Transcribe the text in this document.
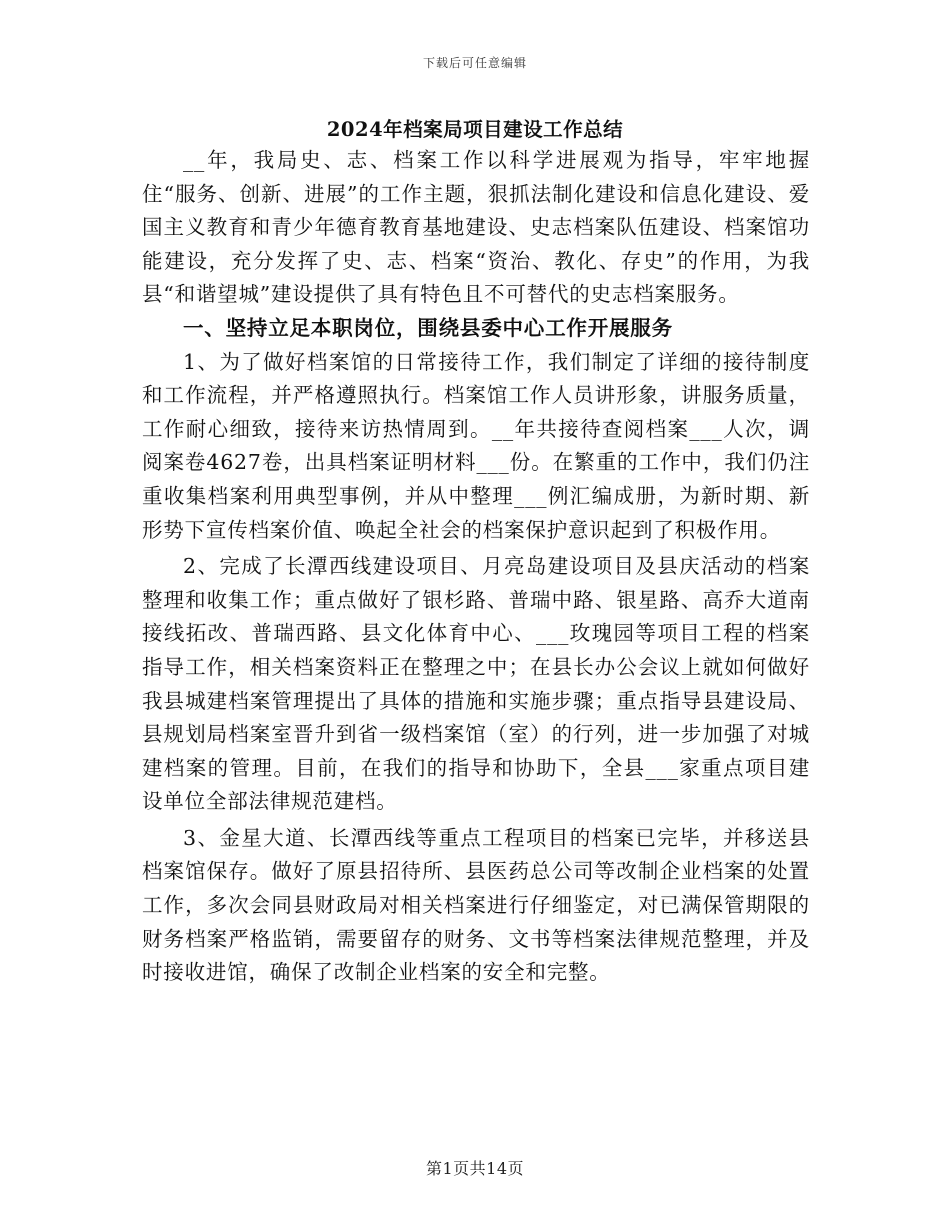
下载后可任意编辑
2024年档案局项目建设工作总结

__年，我局史、志、档案工作以科学进展观为指导，牢牢地握住“服务、创新、进展”的工作主题，狠抓法制化建设和信息化建设、爱国主义教育和青少年德育教育基地建设、史志档案队伍建设、档案馆功能建设，充分发挥了史、志、档案“资治、教化、存史”的作用，为我县“和谐望城”建设提供了具有特色且不可替代的史志档案服务。

一、坚持立足本职岗位，围绕县委中心工作开展服务

1、为了做好档案馆的日常接待工作，我们制定了详细的接待制度和工作流程，并严格遵照执行。档案馆工作人员讲形象，讲服务质量，工作耐心细致，接待来访热情周到。__年共接待查阅档案___人次，调阅案卷4627卷，出具档案证明材料___份。在繁重的工作中，我们仍注重收集档案利用典型事例，并从中整理___例汇编成册，为新时期、新形势下宣传档案价值、唤起全社会的档案保护意识起到了积极作用。

2、完成了长潭西线建设项目、月亮岛建设项目及县庆活动的档案整理和收集工作；重点做好了银杉路、普瑞中路、银星路、高乔大道南接线拓改、普瑞西路、县文化体育中心、___玫瑰园等项目工程的档案指导工作，相关档案资料正在整理之中；在县长办公会议上就如何做好我县城建档案管理提出了具体的措施和实施步骤；重点指导县建设局、县规划局档案室晋升到省一级档案馆（室）的行列，进一步加强了对城建档案的管理。目前，在我们的指导和协助下，全县___家重点项目建设单位全部法律规范建档。

3、金星大道、长潭西线等重点工程项目的档案已完毕，并移送县档案馆保存。做好了原县招待所、县医药总公司等改制企业档案的处置工作，多次会同县财政局对相关档案进行仔细鉴定，对已满保管期限的财务档案严格监销，需要留存的财务、文书等档案法律规范整理，并及时接收进馆，确保了改制企业档案的安全和完整。

第1页共14页
